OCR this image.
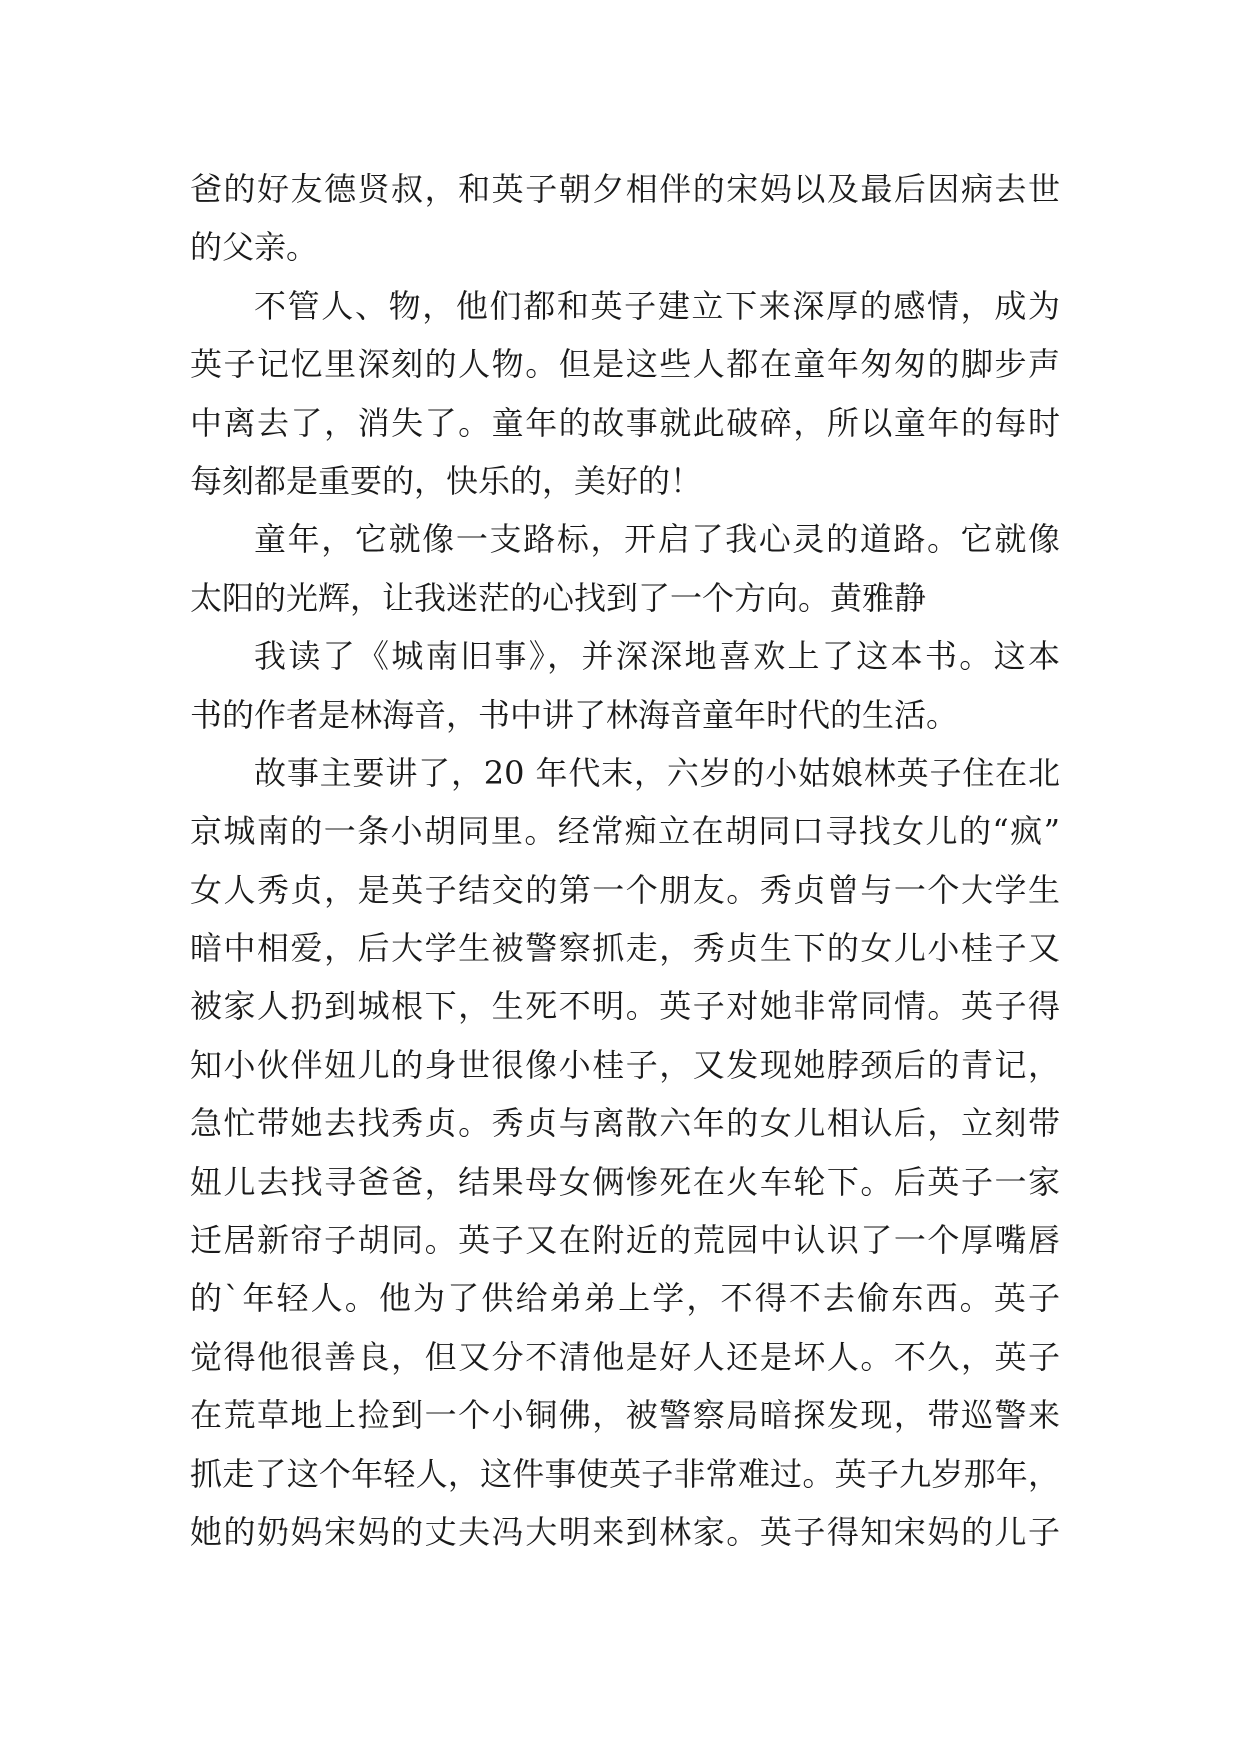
爸的好友德贤叔，和英子朝夕相伴的宋妈以及最后因病去世
的父亲。
不管人、物，他们都和英子建立下来深厚的感情，成为
英子记忆里深刻的人物。但是这些人都在童年匆匆的脚步声
中离去了，消失了。童年的故事就此破碎，所以童年的每时
每刻都是重要的，快乐的，美好的！
童年，它就像一支路标，开启了我心灵的道路。它就像
太阳的光辉，让我迷茫的心找到了一个方向。黄雅静
我读了《城南旧事》，并深深地喜欢上了这本书。这本
书的作者是林海音，书中讲了林海音童年时代的生活。
故事主要讲了，20 年代末，六岁的小姑娘林英子住在北
京城南的一条小胡同里。经常痴立在胡同口寻找女儿的“疯”
女人秀贞，是英子结交的第一个朋友。秀贞曾与一个大学生
暗中相爱，后大学生被警察抓走，秀贞生下的女儿小桂子又
被家人扔到城根下，生死不明。英子对她非常同情。英子得
知小伙伴妞儿的身世很像小桂子，又发现她脖颈后的青记，
急忙带她去找秀贞。秀贞与离散六年的女儿相认后，立刻带
妞儿去找寻爸爸，结果母女俩惨死在火车轮下。后英子一家
迁居新帘子胡同。英子又在附近的荒园中认识了一个厚嘴唇
的`年轻人。他为了供给弟弟上学，不得不去偷东西。英子
觉得他很善良，但又分不清他是好人还是坏人。不久，英子
在荒草地上捡到一个小铜佛，被警察局暗探发现，带巡警来
抓走了这个年轻人，这件事使英子非常难过。英子九岁那年，
她的奶妈宋妈的丈夫冯大明来到林家。英子得知宋妈的儿子
